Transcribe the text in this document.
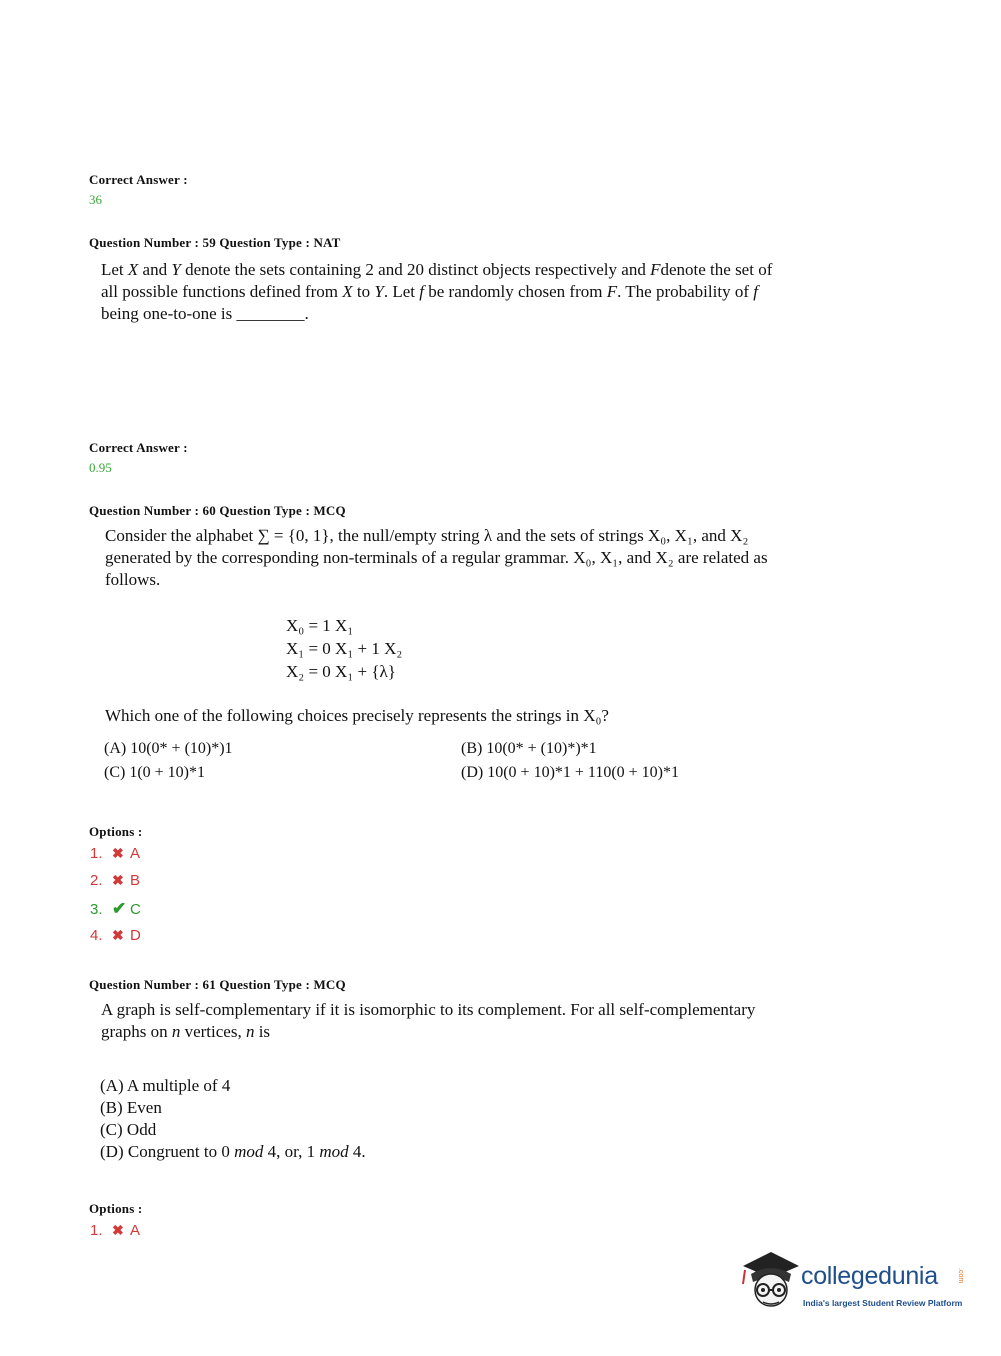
Correct Answer :
36
Question Number : 59 Question Type : NAT
Let X and Y denote the sets containing 2 and 20 distinct objects respectively and Fdenote the set of
all possible functions defined from X to Y. Let f be randomly chosen from F. The probability of f
being one-to-one is ________.
Correct Answer :
0.95
Question Number : 60 Question Type : MCQ
Consider the alphabet ∑ = {0, 1}, the null/empty string λ and the sets of strings X₀, X₁, and X₂
generated by the corresponding non-terminals of a regular grammar. X₀, X₁, and X₂ are related as
follows.
X₀ = 1 X₁
X₁ = 0 X₁ + 1 X₂
X₂ = 0 X₁ + {λ}
Which one of the following choices precisely represents the strings in X₀?
(A) 10(0* + (10)*)1	(B) 10(0* + (10)*)*1
(C) 1(0 + 10)*1	(D) 10(0 + 10)*1 + 110(0 + 10)*1
Options :
1. ✖ A
2. ✖ B
3. ✔ C
4. ✖ D
Question Number : 61 Question Type : MCQ
A graph is self-complementary if it is isomorphic to its complement. For all self-complementary
graphs on n vertices, n is
(A) A multiple of 4
(B) Even
(C) Odd
(D) Congruent to 0 mod 4, or, 1 mod 4.
Options :
1. ✖ A
collegedunia	.com
India's largest Student Review Platform
